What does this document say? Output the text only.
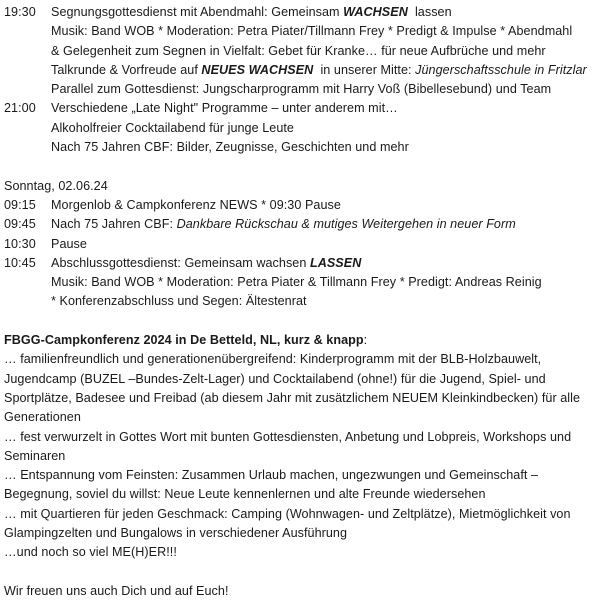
19:30	Segnungsgottesdienst mit Abendmahl: Gemeinsam WACHSEN  lassen
Musik: Band WOB * Moderation: Petra Piater/Tillmann Frey * Predigt & Impulse * Abendmahl
& Gelegenheit zum Segnen in Vielfalt: Gebet für Kranke… für neue Aufbrüche und mehr
Talkrunde & Vorfreude auf NEUES WACHSEN  in unserer Mitte: Jüngerschaftsschule in Fritzlar
Parallel zum Gottesdienst: Jungscharprogramm mit Harry Voß (Bibellesebund) und Team
21:00	Verschiedene „Late Night" Programme – unter anderem mit…
Alkoholfreier Cocktailabend für junge Leute
Nach 75 Jahren CBF: Bilder, Zeugnisse, Geschichten und mehr
Sonntag, 02.06.24
09:15	Morgenlob & Campkonferenz NEWS * 09:30 Pause
09:45	Nach 75 Jahren CBF: Dankbare Rückschau & mutiges Weitergehen in neuer Form
10:30	Pause
10:45	Abschlussgottesdienst: Gemeinsam wachsen LASSEN
Musik: Band WOB * Moderation: Petra Piater & Tillmann Frey * Predigt: Andreas Reinig
* Konferenzabschluss und Segen: Ältestenrat
FBGG-Campkonferenz 2024 in De Betteld, NL, kurz & knapp:
… familienfreundlich und generationenübergreifend: Kinderprogramm mit der BLB-Holzbauwelt, Jugendcamp (BUZEL –Bundes-Zelt-Lager) und Cocktailabend (ohne!) für die Jugend, Spiel- und Sportplätze, Badesee und Freibad (ab diesem Jahr mit zusätzlichem NEUEM Kleinkindbecken) für alle Generationen
… fest verwurzelt in Gottes Wort mit bunten Gottesdiensten, Anbetung und Lobpreis, Workshops und Seminaren
… Entspannung vom Feinsten: Zusammen Urlaub machen, ungezwungen und Gemeinschaft – Begegnung, soviel du willst: Neue Leute kennenlernen und alte Freunde wiedersehen
… mit Quartieren für jeden Geschmack: Camping (Wohnwagen- und Zeltplätze), Mietmöglichkeit von Glampingzelten und Bungalows in verschiedener Ausführung
…und noch so viel ME(H)ER!!!
Wir freuen uns auch Dich und auf Euch!
